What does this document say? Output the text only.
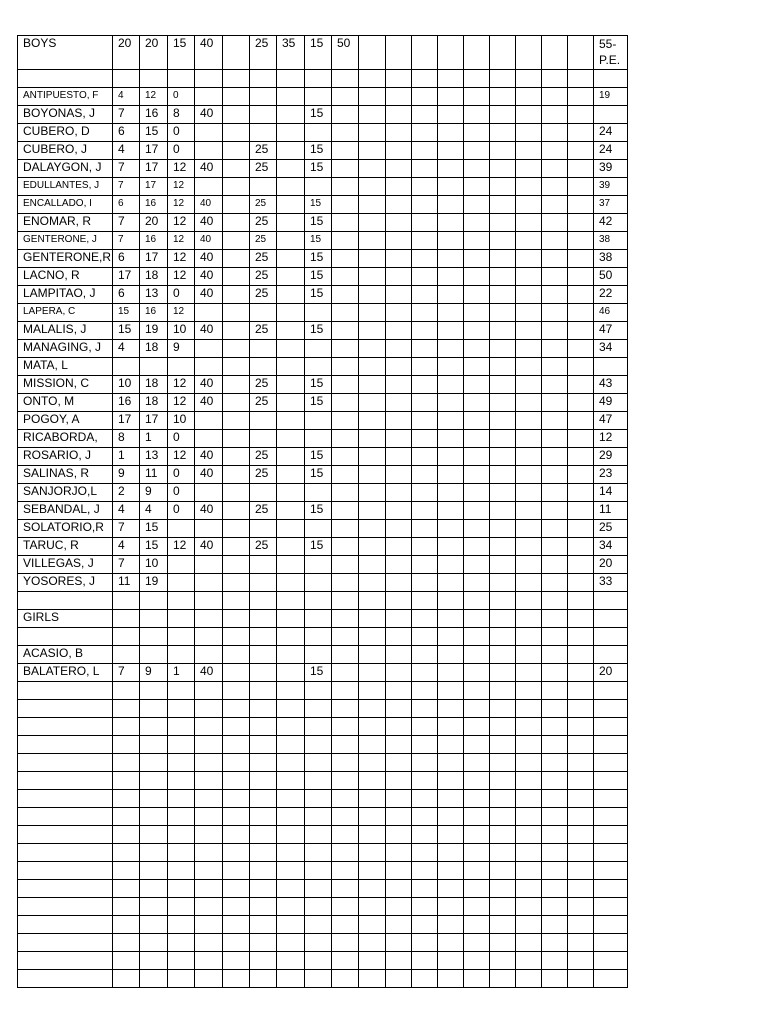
BOYS	20	20	15	40		25	35	15	50										55-
P.E.

ANTIPUESTO, F	4	12	0																19
BOYONAS, J	7	16	8	40				15											
CUBERO, D	6	15	0																24
CUBERO, J	4	17	0			25		15											24
DALAYGON, J	7	17	12	40		25		15											39
EDULLANTES, J	7	17	12																39
ENCALLADO, I	6	16	12	40		25		15											37
ENOMAR, R	7	20	12	40		25		15											42
GENTERONE, J	7	16	12	40		25		15											38
GENTERONE,R	6	17	12	40		25		15											38
LACNO, R	17	18	12	40		25		15											50
LAMPITAO, J	6	13	0	40		25		15											22
LAPERA, C	15	16	12																46
MALALIS, J	15	19	10	40		25		15											47
MANAGING, J	4	18	9																34
MATA, L																			
MISSION, C	10	18	12	40		25		15											43
ONTO, M	16	18	12	40		25		15											49
POGOY, A	17	17	10																47
RICABORDA,	8	1	0																12
ROSARIO, J	1	13	12	40		25		15											29
SALINAS, R	9	11	0	40		25		15											23
SANJORJO,L	2	9	0																14
SEBANDAL, J	4	4	0	40		25		15											11
SOLATORIO,R	7	15																	25
TARUC, R	4	15	12	40		25		15											34
VILLEGAS, J	7	10																	20
YOSORES, J	11	19																	33

GIRLS																			

ACASIO, B																			
BALATERO, L	7	9	1	40				15											20
